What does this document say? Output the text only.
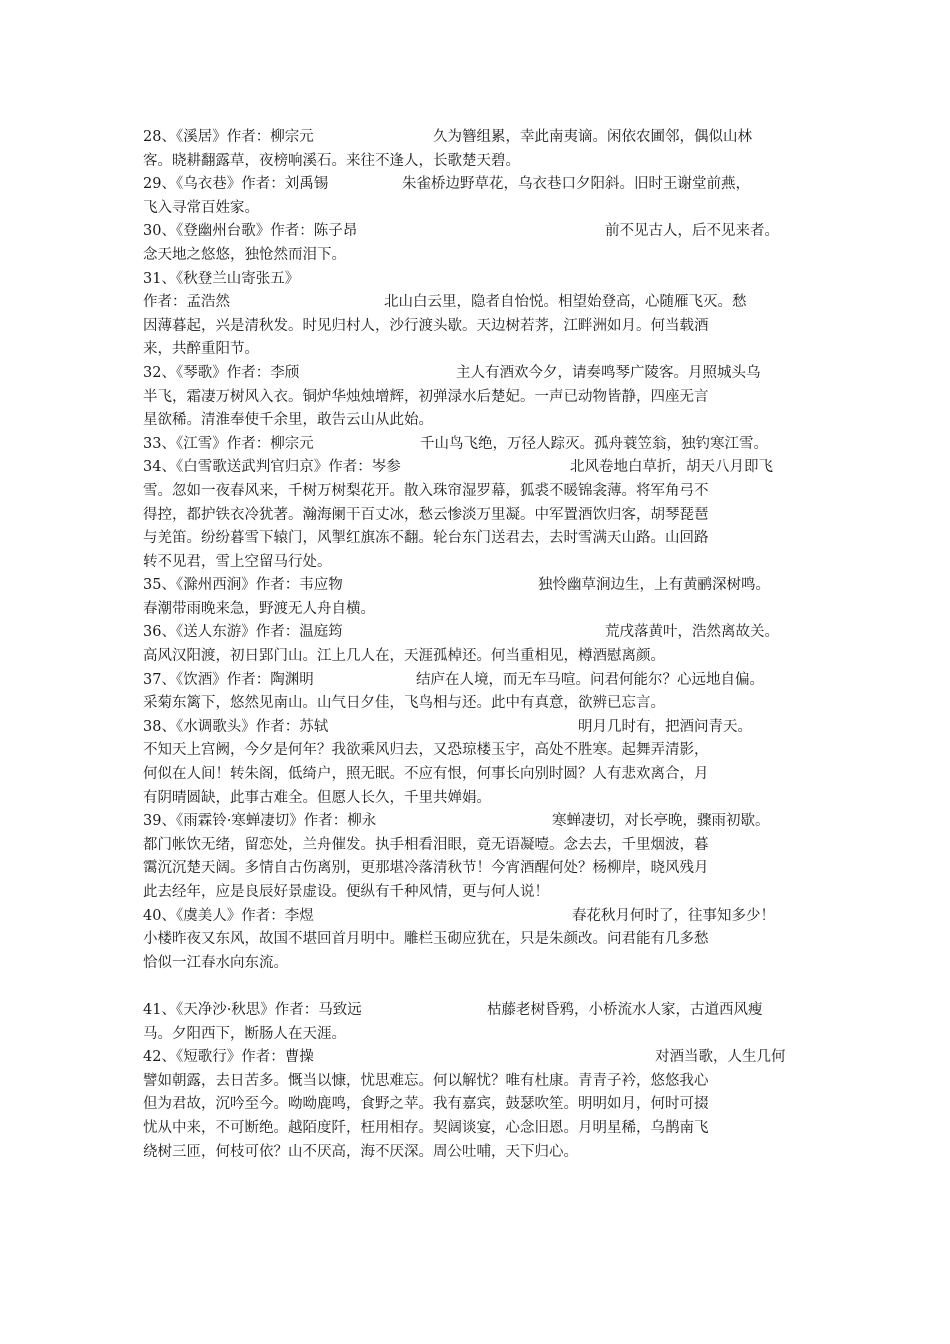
28、《溪居》作者：柳宗元	久为簪组累，幸此南夷谪。闲依农圃邻，偶似山林
客。晓耕翻露草，夜榜响溪石。来往不逢人，长歌楚天碧。
29、《乌衣巷》作者：刘禹锡	朱雀桥边野草花，乌衣巷口夕阳斜。旧时王谢堂前燕，
飞入寻常百姓家。
30、《登幽州台歌》作者：陈子昂	前不见古人，后不见来者。
念天地之悠悠，独怆然而泪下。
31、《秋登兰山寄张五》
作者：孟浩然	北山白云里，隐者自怡悦。相望始登高，心随雁飞灭。愁
因薄暮起，兴是清秋发。时见归村人，沙行渡头歇。天边树若荠，江畔洲如月。何当载酒
来，共醉重阳节。
32、《琴歌》作者：李颀	主人有酒欢今夕，请奏鸣琴广陵客。月照城头乌
半飞，霜凄万树风入衣。铜炉华烛烛增辉，初弹渌水后楚妃。一声已动物皆静，四座无言
星欲稀。清淮奉使千余里，敢告云山从此始。
33、《江雪》作者：柳宗元	千山鸟飞绝，万径人踪灭。孤舟蓑笠翁，独钓寒江雪。
34、《白雪歌送武判官归京》作者：岑参	北风卷地白草折，胡天八月即飞
雪。忽如一夜春风来，千树万树梨花开。散入珠帘湿罗幕，狐裘不暖锦衾薄。将军角弓不
得控，都护铁衣冷犹著。瀚海阑干百丈冰，愁云惨淡万里凝。中军置酒饮归客，胡琴琵琶
与羌笛。纷纷暮雪下辕门，风掣红旗冻不翻。轮台东门送君去，去时雪满天山路。山回路
转不见君，雪上空留马行处。
35、《滁州西涧》作者：韦应物	独怜幽草涧边生，上有黄鹂深树鸣。
春潮带雨晚来急，野渡无人舟自横。
36、《送人东游》作者：温庭筠	荒戌落黄叶，浩然离故关。
高风汉阳渡，初日郢门山。江上几人在，天涯孤棹还。何当重相见，樽酒慰离颜。
37、《饮酒》作者：陶渊明	结庐在人境，而无车马喧。问君何能尔？心远地自偏。
采菊东篱下，悠然见南山。山气日夕佳，飞鸟相与还。此中有真意，欲辨已忘言。
38、《水调歌头》作者：苏轼	明月几时有，把酒问青天。
不知天上宫阙，今夕是何年？我欲乘风归去，又恐琼楼玉宇，高处不胜寒。起舞弄清影，
何似在人间！转朱阁，低绮户，照无眠。不应有恨，何事长向别时圆？人有悲欢离合，月
有阴晴圆缺，此事古难全。但愿人长久，千里共婵娟。
39、《雨霖铃·寒蝉凄切》作者：柳永	寒蝉凄切，对长亭晚，骤雨初歇。
都门帐饮无绪，留恋处，兰舟催发。执手相看泪眼，竟无语凝噎。念去去，千里烟波，暮
霭沉沉楚天阔。多情自古伤离别，更那堪冷落清秋节！今宵酒醒何处？杨柳岸，晓风残月
此去经年，应是良辰好景虚设。便纵有千种风情，更与何人说！
40、《虞美人》作者：李煜	春花秋月何时了，往事知多少！
小楼昨夜又东风，故国不堪回首月明中。雕栏玉砌应犹在，只是朱颜改。问君能有几多愁
恰似一江春水向东流。
41、《天净沙·秋思》作者：马致远	枯藤老树昏鸦，小桥流水人家，古道西风瘦
马。夕阳西下，断肠人在天涯。
42、《短歌行》作者：曹操	对酒当歌，人生几何
譬如朝露，去日苦多。慨当以慷，忧思难忘。何以解忧？唯有杜康。青青子衿，悠悠我心
但为君故，沉吟至今。呦呦鹿鸣，食野之苹。我有嘉宾，鼓瑟吹笙。明明如月，何时可掇
忧从中来，不可断绝。越陌度阡，枉用相存。契阔谈宴，心念旧恩。月明星稀，乌鹊南飞
绕树三匝，何枝可依？山不厌高，海不厌深。周公吐哺，天下归心。
